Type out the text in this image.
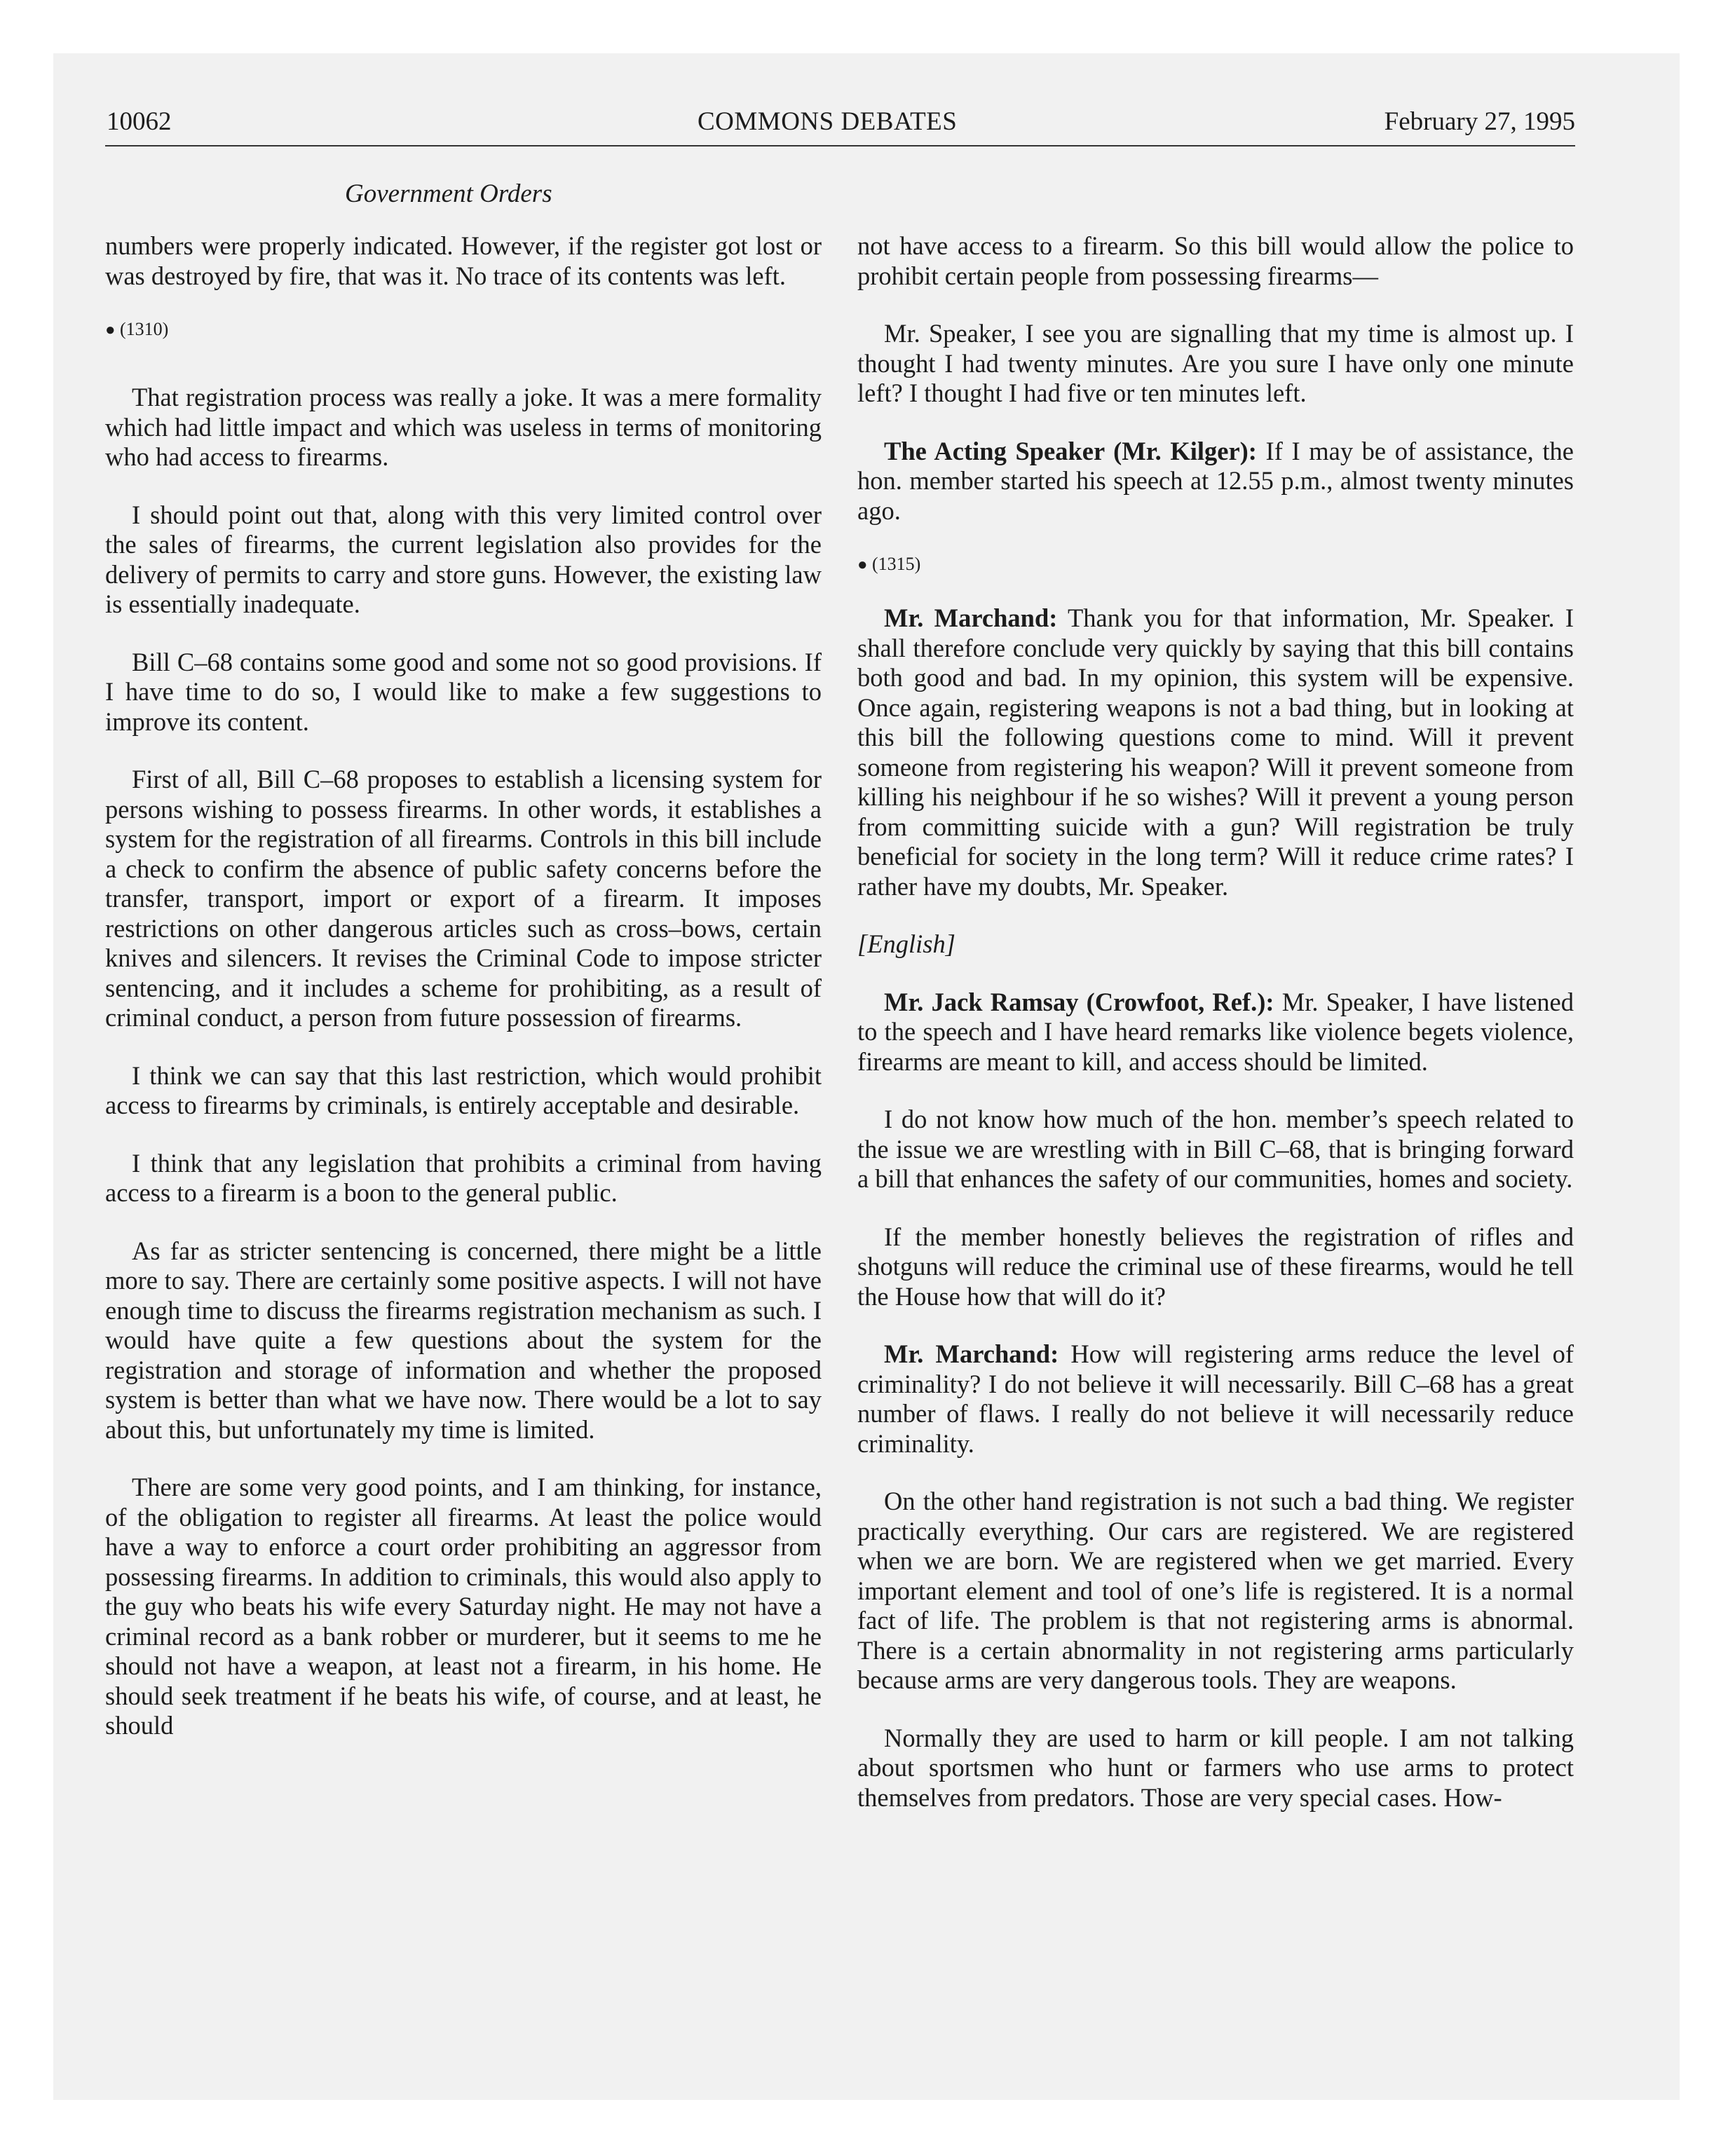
10062	COMMONS DEBATES	February 27, 1995
Government Orders

numbers were properly indicated. However, if the register got lost or was destroyed by fire, that was it. No trace of its contents was left.

● (1310)

That registration process was really a joke. It was a mere formality which had little impact and which was useless in terms of monitoring who had access to firearms.

I should point out that, along with this very limited control over the sales of firearms, the current legislation also provides for the delivery of permits to carry and store guns. However, the existing law is essentially inadequate.

Bill C–68 contains some good and some not so good provisions. If I have time to do so, I would like to make a few suggestions to improve its content.

First of all, Bill C–68 proposes to establish a licensing system for persons wishing to possess firearms. In other words, it establishes a system for the registration of all firearms. Controls in this bill include a check to confirm the absence of public safety concerns before the transfer, transport, import or export of a firearm. It imposes restrictions on other dangerous articles such as cross–bows, certain knives and silencers. It revises the Criminal Code to impose stricter sentencing, and it includes a scheme for prohibiting, as a result of criminal conduct, a person from future possession of firearms.

I think we can say that this last restriction, which would prohibit access to firearms by criminals, is entirely acceptable and desirable.

I think that any legislation that prohibits a criminal from having access to a firearm is a boon to the general public.

As far as stricter sentencing is concerned, there might be a little more to say. There are certainly some positive aspects. I will not have enough time to discuss the firearms registration mechanism as such. I would have quite a few questions about the system for the registration and storage of information and whether the proposed system is better than what we have now. There would be a lot to say about this, but unfortunately my time is limited.

There are some very good points, and I am thinking, for instance, of the obligation to register all firearms. At least the police would have a way to enforce a court order prohibiting an aggressor from possessing firearms. In addition to criminals, this would also apply to the guy who beats his wife every Saturday night. He may not have a criminal record as a bank robber or murderer, but it seems to me he should not have a weapon, at least not a firearm, in his home. He should seek treatment if he beats his wife, of course, and at least, he should

not have access to a firearm. So this bill would allow the police to prohibit certain people from possessing firearms—

Mr. Speaker, I see you are signalling that my time is almost up. I thought I had twenty minutes. Are you sure I have only one minute left? I thought I had five or ten minutes left.

The Acting Speaker (Mr. Kilger): If I may be of assistance, the hon. member started his speech at 12.55 p.m., almost twenty minutes ago.

● (1315)

Mr. Marchand: Thank you for that information, Mr. Speaker. I shall therefore conclude very quickly by saying that this bill contains both good and bad. In my opinion, this system will be expensive. Once again, registering weapons is not a bad thing, but in looking at this bill the following questions come to mind. Will it prevent someone from registering his weapon? Will it prevent someone from killing his neighbour if he so wishes? Will it prevent a young person from committing suicide with a gun? Will registration be truly beneficial for society in the long term? Will it reduce crime rates? I rather have my doubts, Mr. Speaker.

[English]

Mr. Jack Ramsay (Crowfoot, Ref.): Mr. Speaker, I have listened to the speech and I have heard remarks like violence begets violence, firearms are meant to kill, and access should be limited.

I do not know how much of the hon. member’s speech related to the issue we are wrestling with in Bill C–68, that is bringing forward a bill that enhances the safety of our communities, homes and society.

If the member honestly believes the registration of rifles and shotguns will reduce the criminal use of these firearms, would he tell the House how that will do it?

Mr. Marchand: How will registering arms reduce the level of criminality? I do not believe it will necessarily. Bill C–68 has a great number of flaws. I really do not believe it will necessarily reduce criminality.

On the other hand registration is not such a bad thing. We register practically everything. Our cars are registered. We are registered when we are born. We are registered when we get married. Every important element and tool of one’s life is registered. It is a normal fact of life. The problem is that not registering arms is abnormal. There is a certain abnormality in not registering arms particularly because arms are very dangerous tools. They are weapons.

Normally they are used to harm or kill people. I am not talking about sportsmen who hunt or farmers who use arms to protect themselves from predators. Those are very special cases. How-
